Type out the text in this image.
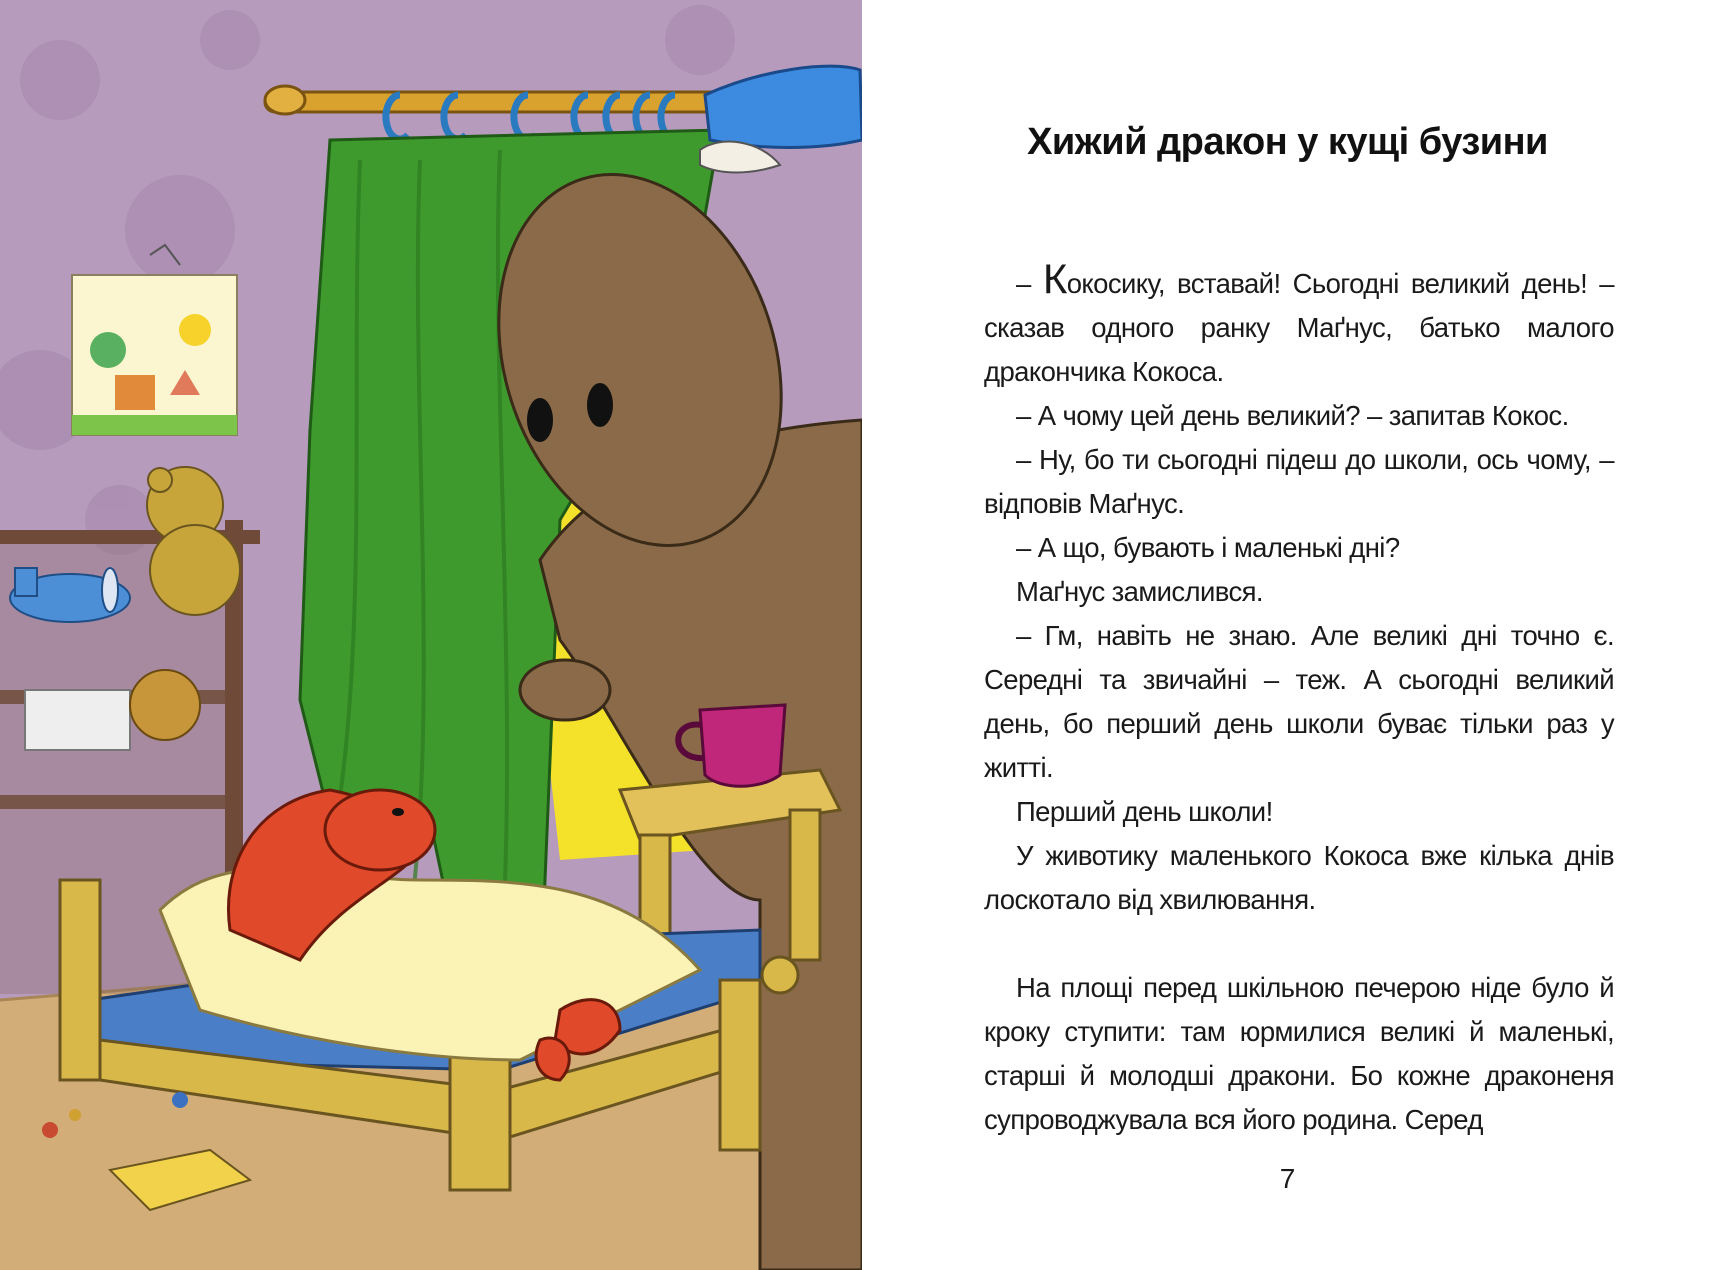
Хижий дракон у кущі бузини

– Кокосику, вставай! Сьогодні великий день! – сказав одного ранку Маґнус, батько малого дракончика Кокоса.

– А чому цей день великий? – запитав Кокос.

– Ну, бо ти сьогодні підеш до школи, ось чому, – відповів Маґнус.

– А що, бувають і маленькі дні?

Маґнус замислився.

– Гм, навіть не знаю. Але великі дні точно є. Середні та звичайні – теж. А сьогодні великий день, бо перший день школи буває тільки раз у житті.

Перший день школи!

У животику маленького Кокоса вже кілька днів лоскотало від хвилювання.

На площі перед шкільною печерою ніде було й кроку ступити: там юрмилися великі й маленькі, старші й молодші дракони. Бо кожне драконеня супроводжувала вся його родина. Серед

7
